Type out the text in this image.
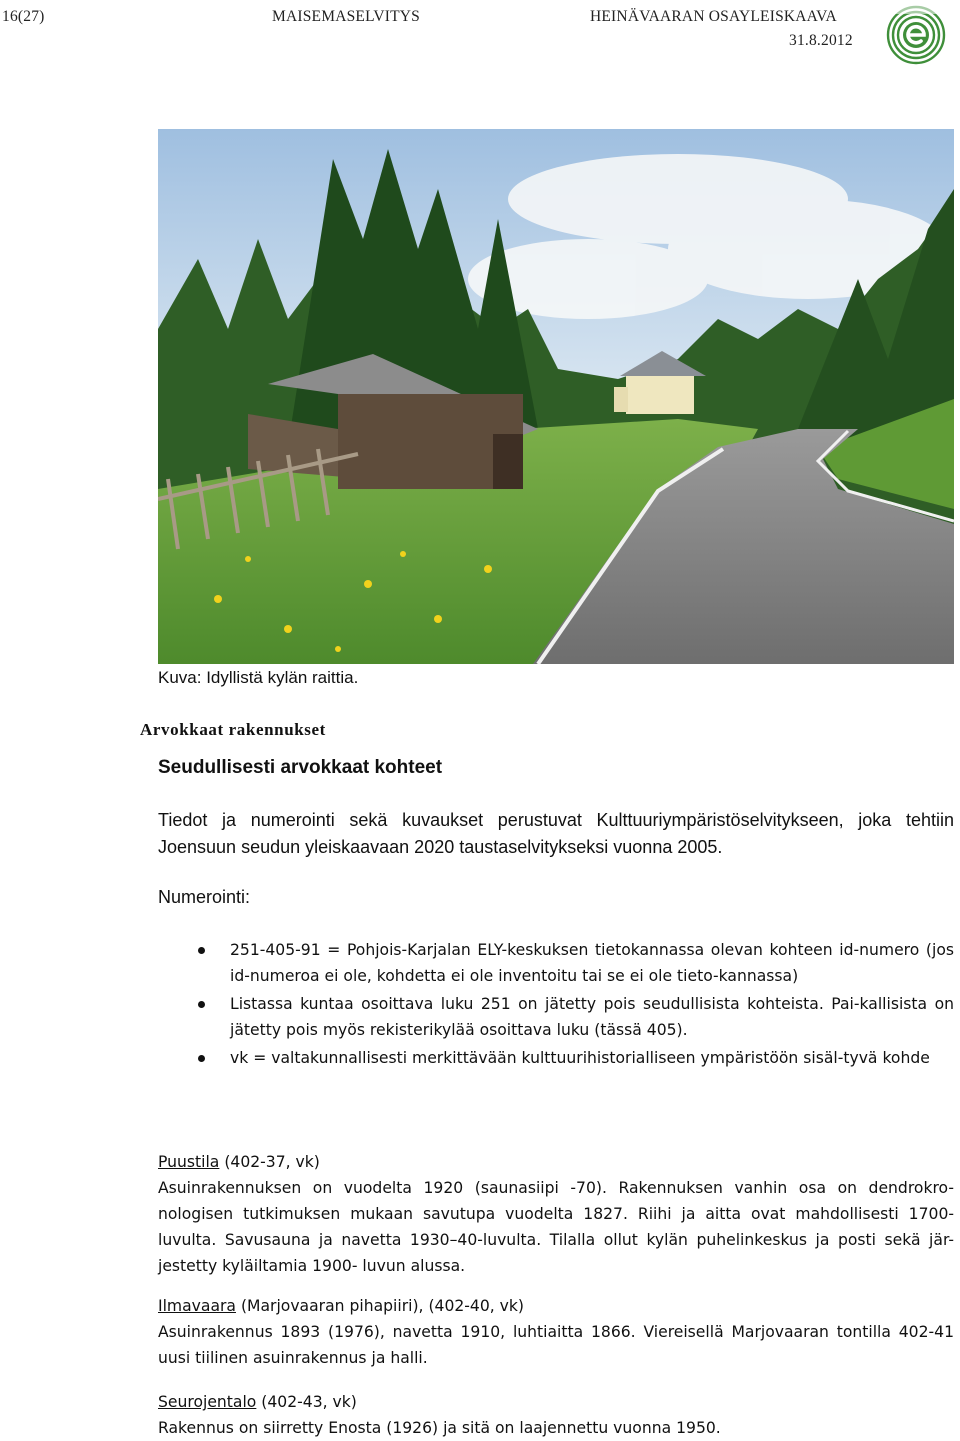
16(27)	MAISEMASELVITYS	HEINÄVAARAN OSAYLEISKAAVA
31.8.2012
Kuva: Idyllistä kylän raittia.
Arvokkaat rakennukset
Seudullisesti arvokkaat kohteet
Tiedot ja numerointi sekä kuvaukset perustuvat Kulttuuriympäristöselvitykseen, joka tehtiin Joensuun seudun yleiskaavaan 2020 taustaselvitykseksi vuonna 2005.
Numerointi:
251-405-91 = Pohjois-Karjalan ELY-keskuksen tietokannassa olevan kohteen id-numero (jos id-numeroa ei ole, kohdetta ei ole inventoitu tai se ei ole tieto-kannassa)
Listassa kuntaa osoittava luku 251 on jätetty pois seudullisista kohteista. Pai-kallisista on jätetty pois myös rekisterikylää osoittava luku (tässä 405).
vk = valtakunnallisesti merkittävään kulttuurihistorialliseen ympäristöön sisäl-tyvä kohde
Puustila (402-37, vk)
Asuinrakennuksen on vuodelta 1920 (saunasiipi -70). Rakennuksen vanhin osa on dendrokro-nologisen tutkimuksen mukaan savutupa vuodelta 1827. Riihi ja aitta ovat mahdollisesti 1700-luvulta. Savusauna ja navetta 1930–40-luvulta. Tilalla ollut kylän puhelinkeskus ja posti sekä jär-jestetty kyläiltamia 1900- luvun alussa.
Ilmavaara (Marjovaaran pihapiiri), (402-40, vk)
Asuinrakennus 1893 (1976), navetta 1910, luhtiaitta 1866. Viereisellä Marjovaaran tontilla 402-41 uusi tiilinen asuinrakennus ja halli.
Seurojentalo (402-43, vk)
Rakennus on siirretty Enosta (1926) ja sitä on laajennettu vuonna 1950.
